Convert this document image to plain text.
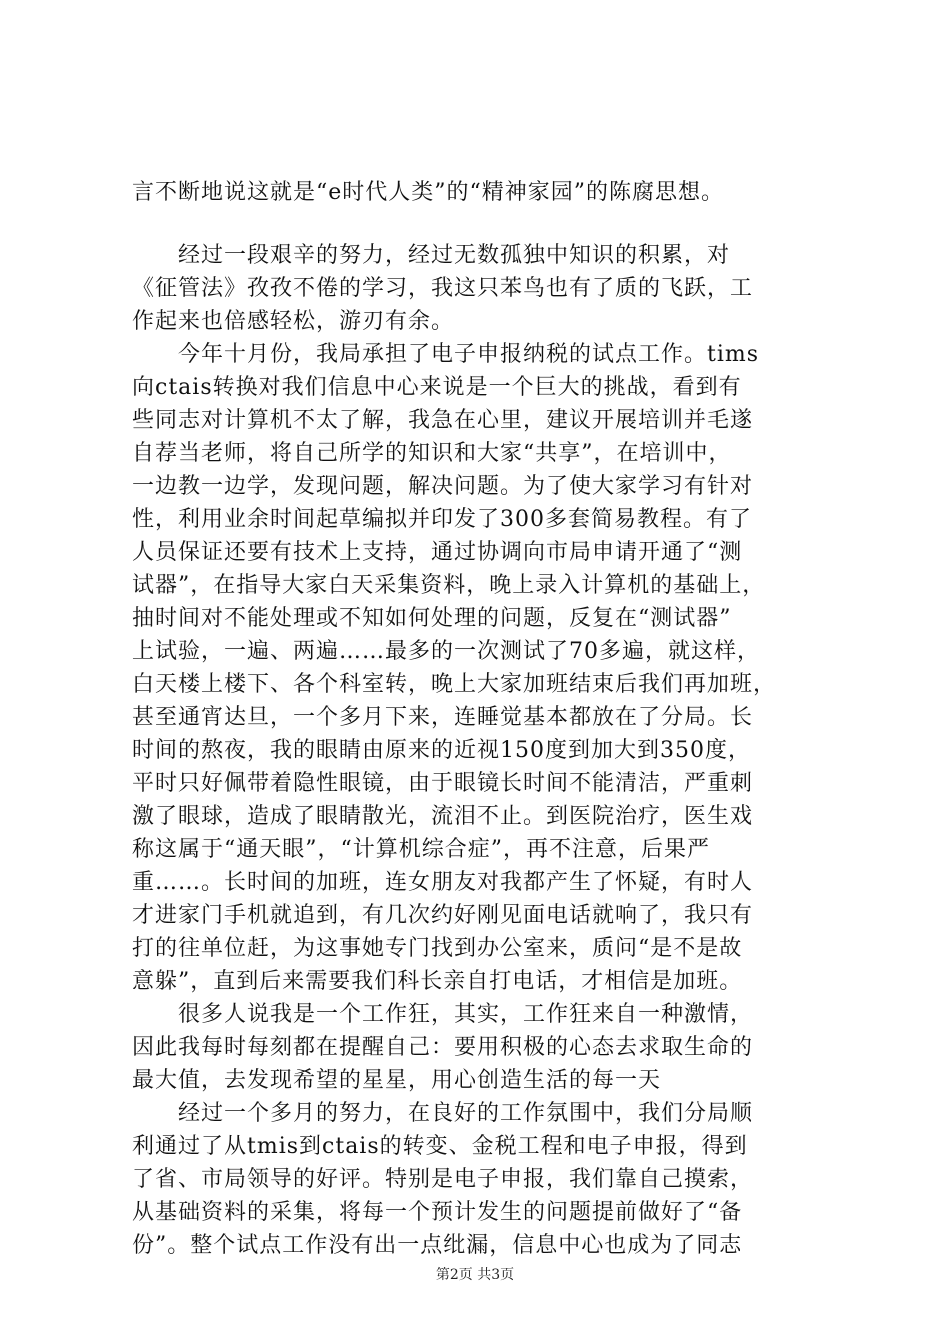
言不断地说这就是“e时代人类”的“精神家园”的陈腐思想。
　　经过一段艰辛的努力，经过无数孤独中知识的积累，对
《征管法》孜孜不倦的学习，我这只苯鸟也有了质的飞跃，工
作起来也倍感轻松，游刃有余。
　　今年十月份，我局承担了电子申报纳税的试点工作。tims
向ctais转换对我们信息中心来说是一个巨大的挑战，看到有
些同志对计算机不太了解，我急在心里，建议开展培训并毛遂
自荐当老师，将自己所学的知识和大家“共享”，在培训中，
一边教一边学，发现问题，解决问题。为了使大家学习有针对
性，利用业余时间起草编拟并印发了300多套简易教程。有了
人员保证还要有技术上支持，通过协调向市局申请开通了“测
试器”，在指导大家白天采集资料，晚上录入计算机的基础上，
抽时间对不能处理或不知如何处理的问题，反复在“测试器”
上试验，一遍、两遍……最多的一次测试了70多遍，就这样，
白天楼上楼下、各个科室转，晚上大家加班结束后我们再加班，
甚至通宵达旦，一个多月下来，连睡觉基本都放在了分局。长
时间的熬夜，我的眼睛由原来的近视150度到加大到350度，
平时只好佩带着隐性眼镜，由于眼镜长时间不能清洁，严重刺
激了眼球，造成了眼睛散光，流泪不止。到医院治疗，医生戏
称这属于“通天眼”，“计算机综合症”，再不注意，后果严
重……。长时间的加班，连女朋友对我都产生了怀疑，有时人
才进家门手机就追到，有几次约好刚见面电话就响了，我只有
打的往单位赶，为这事她专门找到办公室来，质问“是不是故
意躲”，直到后来需要我们科长亲自打电话，才相信是加班。
　　很多人说我是一个工作狂，其实，工作狂来自一种激情，
因此我每时每刻都在提醒自己：要用积极的心态去求取生命的
最大值，去发现希望的星星，用心创造生活的每一天
　　经过一个多月的努力，在良好的工作氛围中，我们分局顺
利通过了从tmis到ctais的转变、金税工程和电子申报，得到
了省、市局领导的好评。特别是电子申报，我们靠自己摸索，
从基础资料的采集，将每一个预计发生的问题提前做好了“备
份”。整个试点工作没有出一点纰漏，信息中心也成为了同志
第2页 共3页
